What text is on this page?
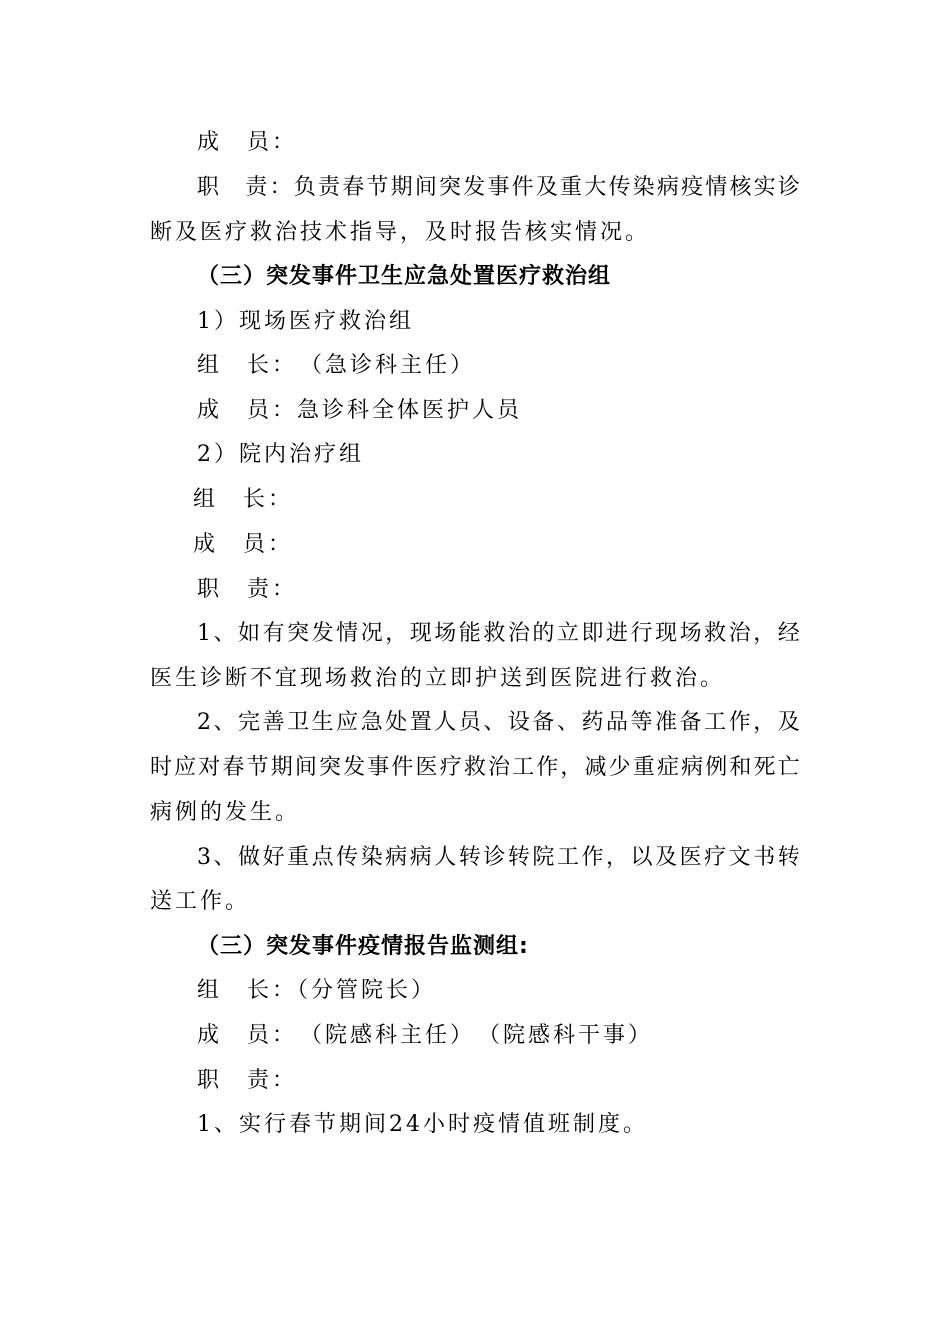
成　员：
职
　 责 ： 负 责 春 节 期 间 突 发 事 件 及 重 大 传 染 病 疫 情 核 实 诊
断及医疗救治技术指导，及时报告核实情况。
（三）突发事件卫生应急处置医疗救治组
1）现场医疗救治组
组　长：　（急诊科主任）
成　员：急诊科全体医护人员
2）院内治疗组
组　长：
成　员：
职　责：
1 、 如 有 突 发 情 况 ， 现 场 能 救 治 的 立 即 进 行 现 场 救 治 ， 经
医生诊断不宜现场救治的立即护送到医院进行救治。
2 、 完 善 卫 生 应 急 处 置 人 员 、 设 备 、 药 品 等 准 备 工 作 ， 及
时 应 对 春 节 期 间 突 发 事 件 医 疗 救 治 工 作 ， 减 少 重 症 病 例 和 死 亡
病例的发生。
3 、 做 好 重 点 传 染 病 病 人 转 诊 转 院 工 作 ， 以 及 医 疗 文 书 转
送工作。
（三）突发事件疫情报告监测组:
组　长：（分管院长）
成　员：　（院感科主任）　（院感科干事）
职　责：
1、实行春节期间24小时疫情值班制度。
